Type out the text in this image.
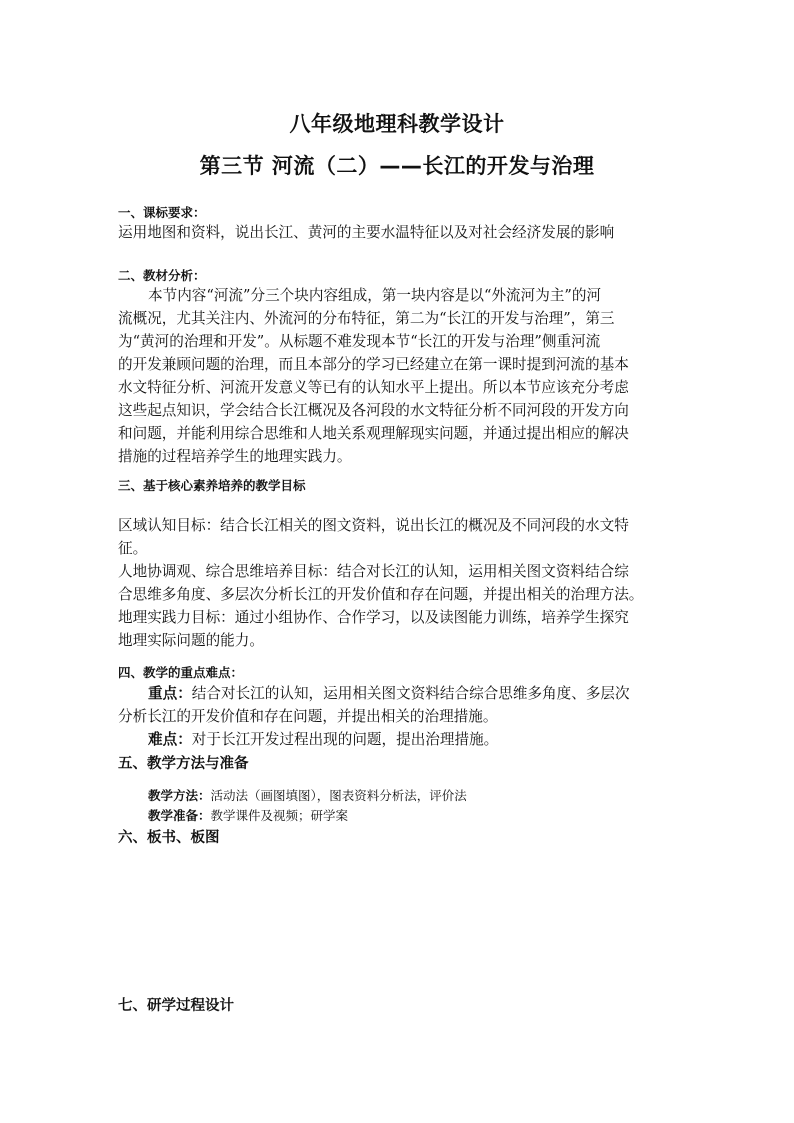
八年级地理科教学设计
第三节 河流（二）——长江的开发与治理
一、课标要求：
运用地图和资料，说出长江、黄河的主要水温特征以及对社会经济发展的影响
二、教材分析：
本节内容“河流”分三个块内容组成，第一块内容是以“外流河为主”的河
流概况，尤其关注内、外流河的分布特征，第二为“长江的开发与治理”，第三
为“黄河的治理和开发”。从标题不难发现本节“长江的开发与治理”侧重河流
的开发兼顾问题的治理，而且本部分的学习已经建立在第一课时提到河流的基本
水文特征分析、河流开发意义等已有的认知水平上提出。所以本节应该充分考虑
这些起点知识，学会结合长江概况及各河段的水文特征分析不同河段的开发方向
和问题，并能利用综合思维和人地关系观理解现实问题，并通过提出相应的解决
措施的过程培养学生的地理实践力。
三、基于核心素养培养的教学目标
区域认知目标：结合长江相关的图文资料，说出长江的概况及不同河段的水文特
征。
人地协调观、综合思维培养目标：结合对长江的认知，运用相关图文资料结合综
合思维多角度、多层次分析长江的开发价值和存在问题，并提出相关的治理方法。
地理实践力目标：通过小组协作、合作学习，以及读图能力训练，培养学生探究
地理实际问题的能力。
四、教学的重点难点：
重点：结合对长江的认知，运用相关图文资料结合综合思维多角度、多层次
分析长江的开发价值和存在问题，并提出相关的治理措施。
难点：对于长江开发过程出现的问题，提出治理措施。
五、教学方法与准备
教学方法：活动法（画图填图），图表资料分析法，评价法
教学准备：教学课件及视频；研学案
六、板书、板图
七、研学过程设计
